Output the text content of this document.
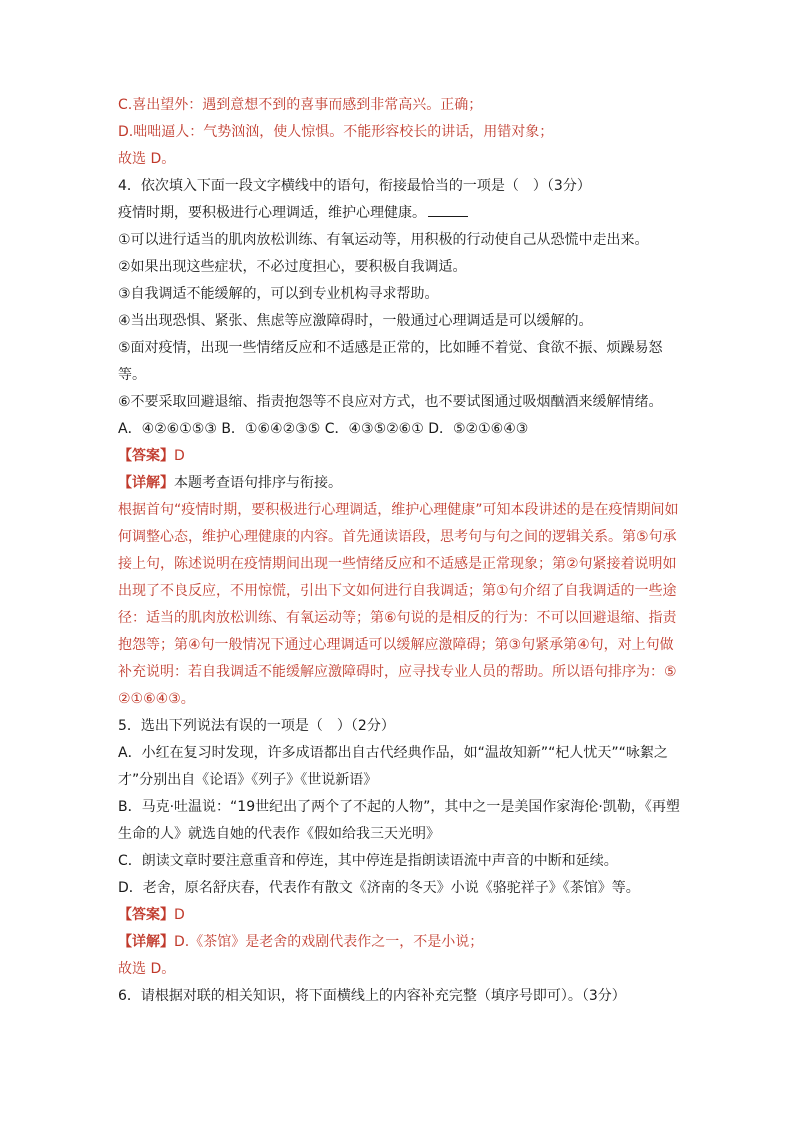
C.喜出望外：遇到意想不到的喜事而感到非常高兴。正确；

D.咄咄逼人：气势汹汹，使人惊惧。不能形容校长的讲话，用错对象；

故选 D。

4．依次填入下面一段文字横线中的语句，衔接最恰当的一项是（　）（3分）

疫情时期，要积极进行心理调适，维护心理健康。

①可以进行适当的肌肉放松训练、有氧运动等，用积极的行动使自己从恐慌中走出来。

②如果出现这些症状，不必过度担心，要积极自我调适。

③自我调适不能缓解的，可以到专业机构寻求帮助。

④当出现恐惧、紧张、焦虑等应激障碍时，一般通过心理调适是可以缓解的。

⑤面对疫情，出现一些情绪反应和不适感是正常的，比如睡不着觉、食欲不振、烦躁易怒等。

⑥不要采取回避退缩、指责抱怨等不良应对方式，也不要试图通过吸烟酗酒来缓解情绪。

A．④②⑥①⑤③ B．①⑥④②③⑤ C．④③⑤②⑥① D．⑤②①⑥④③

【答案】D

【详解】本题考查语句排序与衔接。

根据首句“疫情时期，要积极进行心理调适，维护心理健康”可知本段讲述的是在疫情期间如何调整心态，维护心理健康的内容。首先通读语段，思考句与句之间的逻辑关系。第⑤句承接上句，陈述说明在疫情期间出现一些情绪反应和不适感是正常现象；第②句紧接着说明如出现了不良反应，不用惊慌，引出下文如何进行自我调适；第①句介绍了自我调适的一些途径：适当的肌肉放松训练、有氧运动等；第⑥句说的是相反的行为：不可以回避退缩、指责抱怨等；第④句一般情况下通过心理调适可以缓解应激障碍；第③句紧承第④句，对上句做补充说明：若自我调适不能缓解应激障碍时，应寻找专业人员的帮助。所以语句排序为：⑤②①⑥④③。

5．选出下列说法有误的一项是（　）（2分）

A．小红在复习时发现，许多成语都出自古代经典作品，如“温故知新”“杞人忧天”“咏絮之才”分别出自《论语》《列子》《世说新语》

B．马克·吐温说：“19世纪出了两个了不起的人物”，其中之一是美国作家海伦·凯勒，《再塑生命的人》就选自她的代表作《假如给我三天光明》

C．朗读文章时要注意重音和停连，其中停连是指朗读语流中声音的中断和延续。

D．老舍，原名舒庆春，代表作有散文《济南的冬天》小说《骆驼祥子》《茶馆》等。

【答案】D

【详解】D.《茶馆》是老舍的戏剧代表作之一，不是小说；

故选 D。

6．请根据对联的相关知识，将下面横线上的内容补充完整（填序号即可）。（3分）
